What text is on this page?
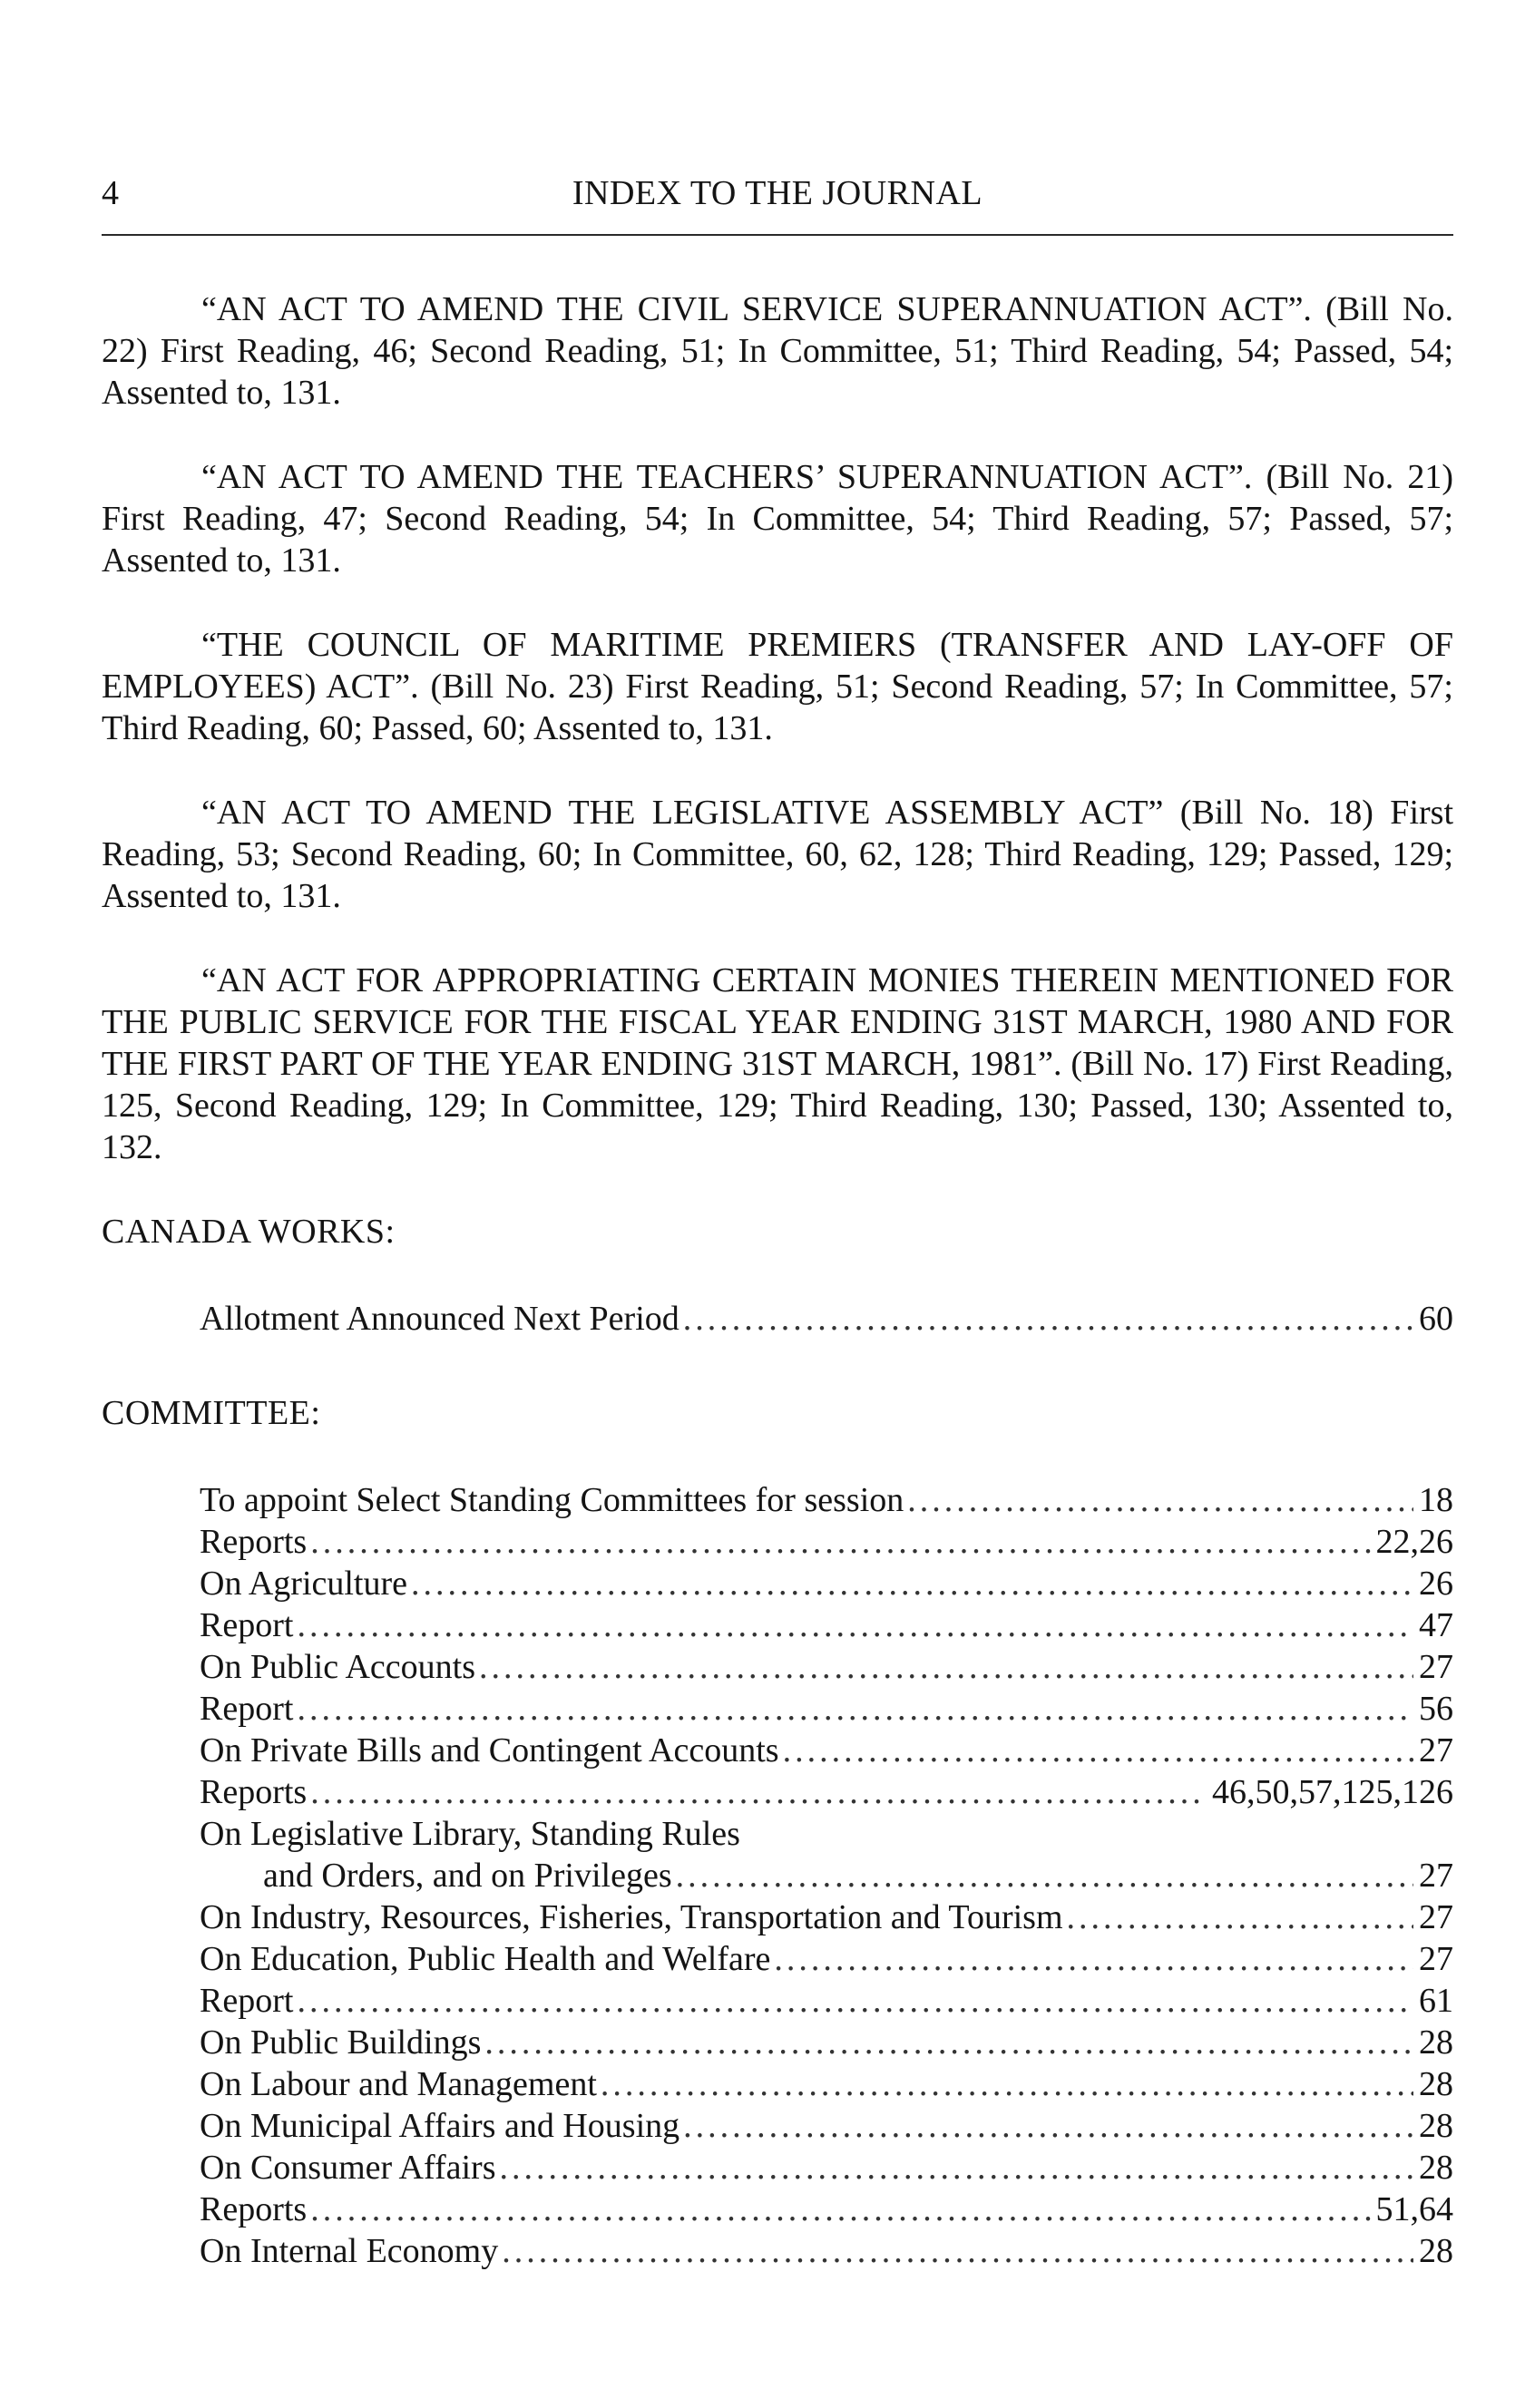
4	INDEX TO THE JOURNAL

“AN ACT TO AMEND THE CIVIL SERVICE SUPERANNUATION ACT”. (Bill No. 22) First Reading, 46; Second Reading, 51; In Committee, 51; Third Reading, 54; Passed, 54; Assented to, 131.

“AN ACT TO AMEND THE TEACHERS’ SUPERANNUATION ACT”. (Bill No. 21) First Reading, 47; Second Reading, 54; In Committee, 54; Third Reading, 57; Passed, 57; Assented to, 131.

“THE COUNCIL OF MARITIME PREMIERS (TRANSFER AND LAY-OFF OF EMPLOYEES) ACT”. (Bill No. 23) First Reading, 51; Second Reading, 57; In Committee, 57; Third Reading, 60; Passed, 60; Assented to, 131.

“AN ACT TO AMEND THE LEGISLATIVE ASSEMBLY ACT” (Bill No. 18) First Reading, 53; Second Reading, 60; In Committee, 60, 62, 128; Third Reading, 129; Passed, 129; Assented to, 131.

“AN ACT FOR APPROPRIATING CERTAIN MONIES THEREIN MENTIONED FOR THE PUBLIC SERVICE FOR THE FISCAL YEAR ENDING 31ST MARCH, 1980 AND FOR THE FIRST PART OF THE YEAR ENDING 31ST MARCH, 1981”. (Bill No. 17) First Reading, 125, Second Reading, 129; In Committee, 129; Third Reading, 130; Passed, 130; Assented to, 132.

CANADA WORKS:
Allotment Announced Next Period .....	60
COMMITTEE:
To appoint Select Standing Committees for session .....	18
Reports .....	22,26
On Agriculture .....	26
Report .....	47
On Public Accounts .....	27
Report .....	56
On Private Bills and Contingent Accounts .....	27
Reports .....	46,50,57,125,126
On Legislative Library, Standing Rules
and Orders, and on Privileges .....	27
On Industry, Resources, Fisheries, Transportation and Tourism .....	27
On Education, Public Health and Welfare .....	27
Report .....	61
On Public Buildings .....	28
On Labour and Management .....	28
On Municipal Affairs and Housing .....	28
On Consumer Affairs .....	28
Reports .....	51,64
On Internal Economy .....	28
